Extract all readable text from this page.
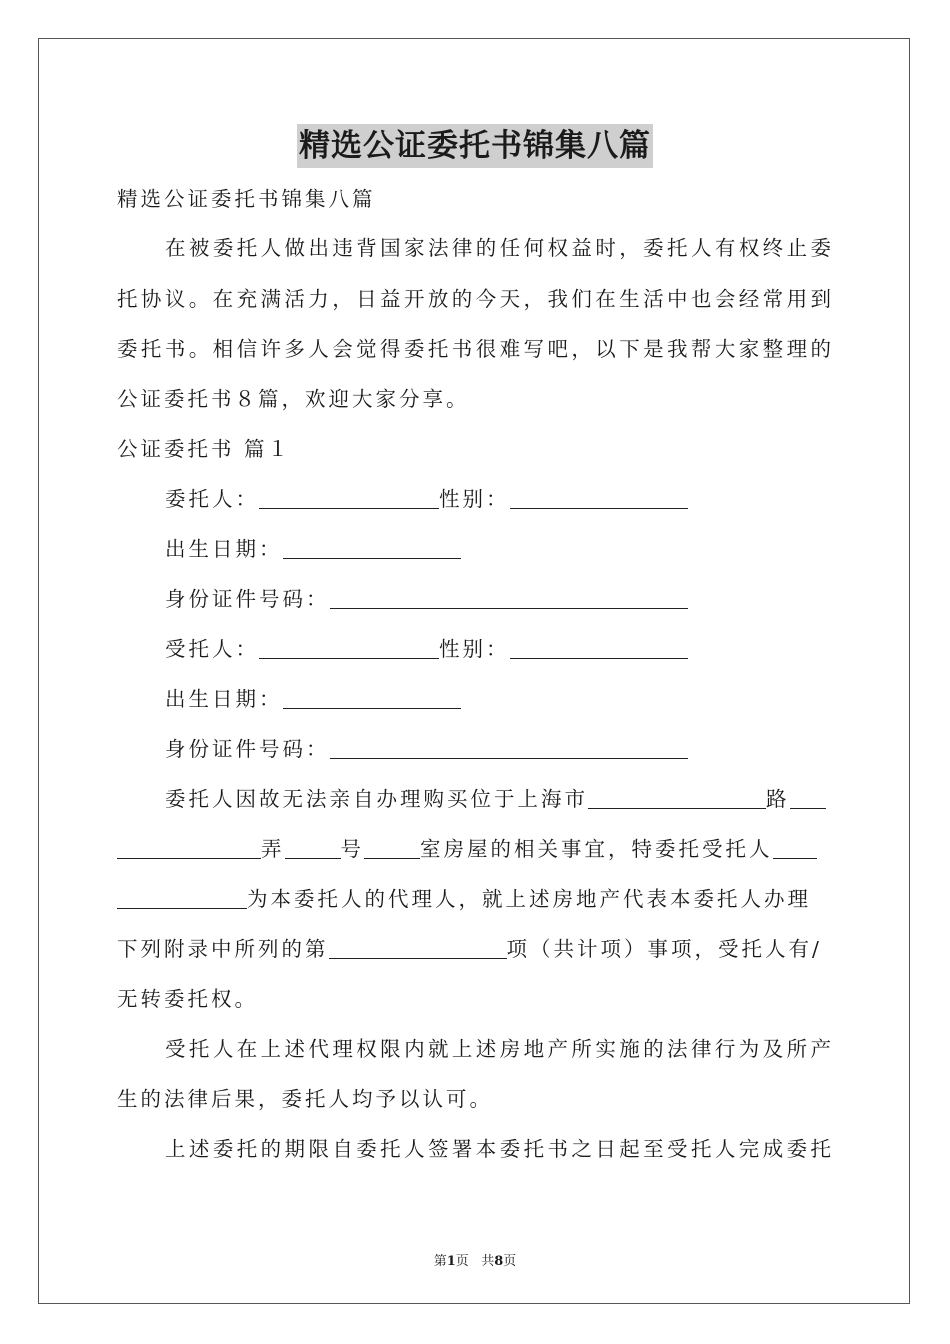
精选公证委托书锦集八篇
精选公证委托书锦集八篇
在被委托人做出违背国家法律的任何权益时，委托人有权终止委
托协议。在充满活力，日益开放的今天，我们在生活中也会经常用到
委托书。相信许多人会觉得委托书很难写吧，以下是我帮大家整理的
公证委托书８篇，欢迎大家分享。
公证委托书 篇１
委托人：	性别：
出生日期：
身份证件号码：
受托人：	性别：
出生日期：
身份证件号码：
委托人因故无法亲自办理购买位于上海市	路
弄	号	室房屋的相关事宜，特委托受托人
为本委托人的代理人，就上述房地产代表本委托人办理
下列附录中所列的第	项（共计项）事项，受托人有/
无转委托权。
受托人在上述代理权限内就上述房地产所实施的法律行为及所产
生的法律后果，委托人均予以认可。
上述委托的期限自委托人签署本委托书之日起至受托人完成委托
第1页   共8页
